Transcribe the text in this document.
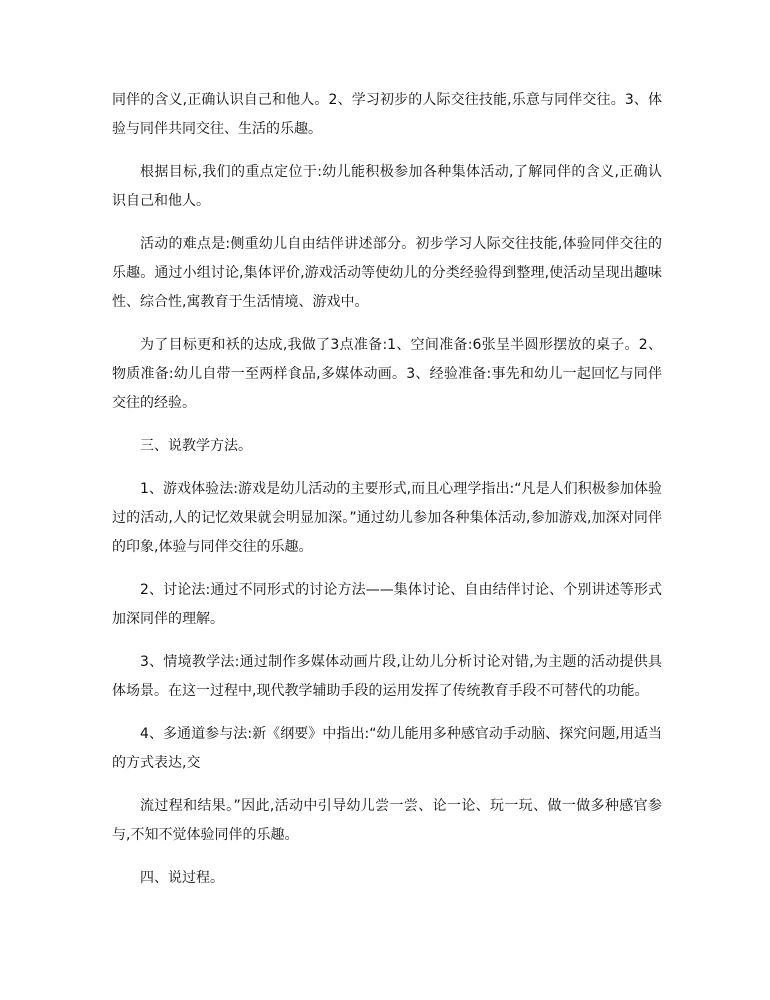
同伴的含义,正确认识自己和他人。2、学习初步的人际交往技能,乐意与同伴交往。3、体验与同伴共同交往、生活的乐趣。

根据目标,我们的重点定位于:幼儿能积极参加各种集体活动,了解同伴的含义,正确认识自己和他人。

活动的难点是:侧重幼儿自由结伴讲述部分。初步学习人际交往技能,体验同伴交往的乐趣。通过小组讨论,集体评价,游戏活动等使幼儿的分类经验得到整理,使活动呈现出趣味性、综合性,寓教育于生活情境、游戏中。

为了目标更和袄的达成,我做了3点准备:1、空间准备:6张呈半圆形摆放的桌子。2、物质准备:幼儿自带一至两样食品,多媒体动画。3、经验准备:事先和幼儿一起回忆与同伴交往的经验。

三、说教学方法。

1、游戏体验法:游戏是幼儿活动的主要形式,而且心理学指出:“凡是人们积极参加体验过的活动,人的记忆效果就会明显加深。”通过幼儿参加各种集体活动,参加游戏,加深对同伴的印象,体验与同伴交往的乐趣。

2、讨论法:通过不同形式的讨论方法——集体讨论、自由结伴讨论、个别讲述等形式加深同伴的理解。

3、情境教学法:通过制作多媒体动画片段,让幼儿分析讨论对错,为主题的活动提供具体场景。在这一过程中,现代教学辅助手段的运用发挥了传统教育手段不可替代的功能。

4、多通道参与法:新《纲要》中指出:“幼儿能用多种感官动手动脑、探究问题,用适当的方式表达,交

流过程和结果。”因此,活动中引导幼儿尝一尝、论一论、玩一玩、做一做多种感官参与,不知不觉体验同伴的乐趣。

四、说过程。
